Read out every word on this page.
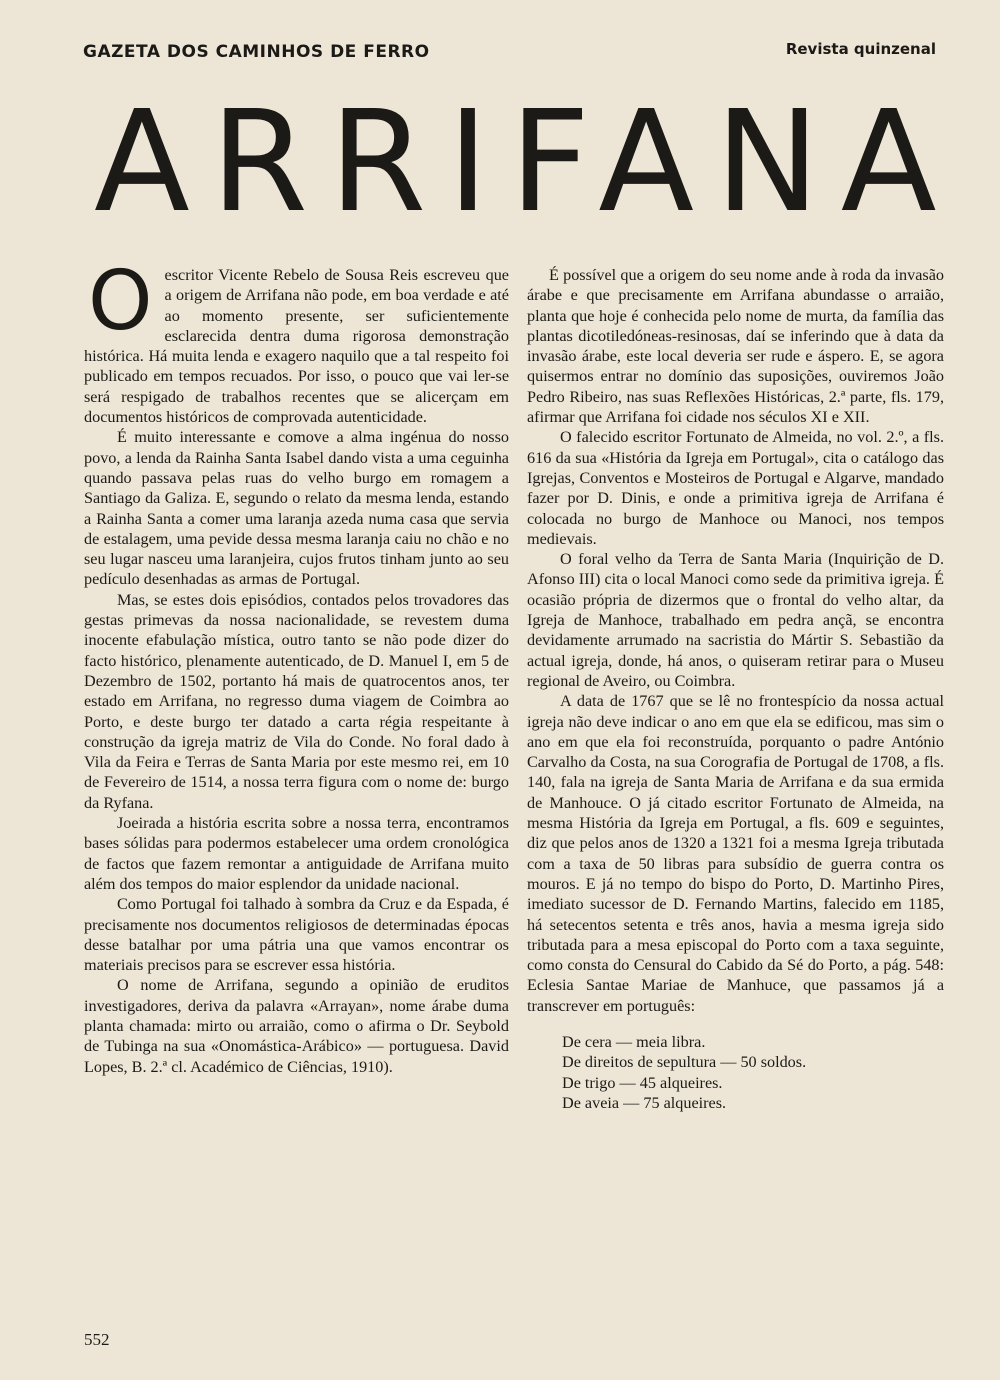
GAZETA DOS CAMINHOS DE FERRO	Revista quinzenal
ARRIFANA
O escritor Vicente Rebelo de Sousa Reis escreveu que a origem de Arrifana não pode, em boa verdade e até ao momento presente, ser suficientemente esclarecida dentra duma rigorosa demonstração histórica. Há muita lenda e exagero naquilo que a tal respeito foi publicado em tempos recuados. Por isso, o pouco que vai ler-se será respigado de trabalhos recentes que se alicerçam em documentos históricos de comprovada autenticidade.

É muito interessante e comove a alma ingénua do nosso povo, a lenda da Rainha Santa Isabel dando vista a uma ceguinha quando passava pelas ruas do velho burgo em romagem a Santiago da Galiza. E, segundo o relato da mesma lenda, estando a Rainha Santa a comer uma laranja azeda numa casa que servia de estalagem, uma pevide dessa mesma laranja caiu no chão e no seu lugar nasceu uma laranjeira, cujos frutos tinham junto ao seu pedículo desenhadas as armas de Portugal.

Mas, se estes dois episódios, contados pelos trovadores das gestas primevas da nossa nacionalidade, se revestem duma inocente efabulação mística, outro tanto se não pode dizer do facto histórico, plenamente autenticado, de D. Manuel I, em 5 de Dezembro de 1502, portanto há mais de quatrocentos anos, ter estado em Arrifana, no regresso duma viagem de Coimbra ao Porto, e deste burgo ter datado a carta régia respeitante à construção da igreja matriz de Vila do Conde. No foral dado à Vila da Feira e Terras de Santa Maria por este mesmo rei, em 10 de Fevereiro de 1514, a nossa terra figura com o nome de: burgo da Ryfana.

Joeirada a história escrita sobre a nossa terra, encontramos bases sólidas para podermos estabelecer uma ordem cronológica de factos que fazem remontar a antiguidade de Arrifana muito além dos tempos do maior esplendor da unidade nacional.

Como Portugal foi talhado à sombra da Cruz e da Espada, é precisamente nos documentos religiosos de determinadas épocas desse batalhar por uma pátria una que vamos encontrar os materiais precisos para se escrever essa história.

O nome de Arrifana, segundo a opinião de eruditos investigadores, deriva da palavra «Arrayan», nome árabe duma planta chamada: mirto ou arraião, como o afirma o Dr. Seybold de Tubinga na sua «Onomástica-Arábico» — portuguesa. David Lopes, B. 2.ª cl. Académico de Ciências, 1910).

É possível que a origem do seu nome ande à roda da invasão árabe e que precisamente em Arrifana abundasse o arraião, planta que hoje é conhecida pelo nome de murta, da família das plantas dicotiledóneas-resinosas, daí se inferindo que à data da invasão árabe, este local deveria ser rude e áspero. E, se agora quisermos entrar no domínio das suposições, ouviremos João Pedro Ribeiro, nas suas Reflexões Históricas, 2.ª parte, fls. 179, afirmar que Arrifana foi cidade nos séculos XI e XII.

O falecido escritor Fortunato de Almeida, no vol. 2.º, a fls. 616 da sua «História da Igreja em Portugal», cita o catálogo das Igrejas, Conventos e Mosteiros de Portugal e Algarve, mandado fazer por D. Dinis, e onde a primitiva igreja de Arrifana é colocada no burgo de Manhoce ou Manoci, nos tempos medievais.

O foral velho da Terra de Santa Maria (Inquirição de D. Afonso III) cita o local Manoci como sede da primitiva igreja. É ocasião própria de dizermos que o frontal do velho altar, da Igreja de Manhoce, trabalhado em pedra ançã, se encontra devidamente arrumado na sacristia do Mártir S. Sebastião da actual igreja, donde, há anos, o quiseram retirar para o Museu regional de Aveiro, ou Coimbra.

A data de 1767 que se lê no frontespício da nossa actual igreja não deve indicar o ano em que ela se edificou, mas sim o ano em que ela foi reconstruída, porquanto o padre António Carvalho da Costa, na sua Corografia de Portugal de 1708, a fls. 140, fala na igreja de Santa Maria de Arrifana e da sua ermida de Manhouce. O já citado escritor Fortunato de Almeida, na mesma História da Igreja em Portugal, a fls. 609 e seguintes, diz que pelos anos de 1320 a 1321 foi a mesma Igreja tributada com a taxa de 50 libras para subsídio de guerra contra os mouros. E já no tempo do bispo do Porto, D. Martinho Pires, imediato sucessor de D. Fernando Martins, falecido em 1185, há setecentos setenta e três anos, havia a mesma igreja sido tributada para a mesa episcopal do Porto com a taxa seguinte, como consta do Censural do Cabido da Sé do Porto, a pág. 548: Eclesia Santae Mariae de Manhuce, que passamos já a transcrever em português:

De cera — meia libra.
De direitos de sepultura — 50 soldos.
De trigo — 45 alqueires.
De aveia — 75 alqueires.
552
